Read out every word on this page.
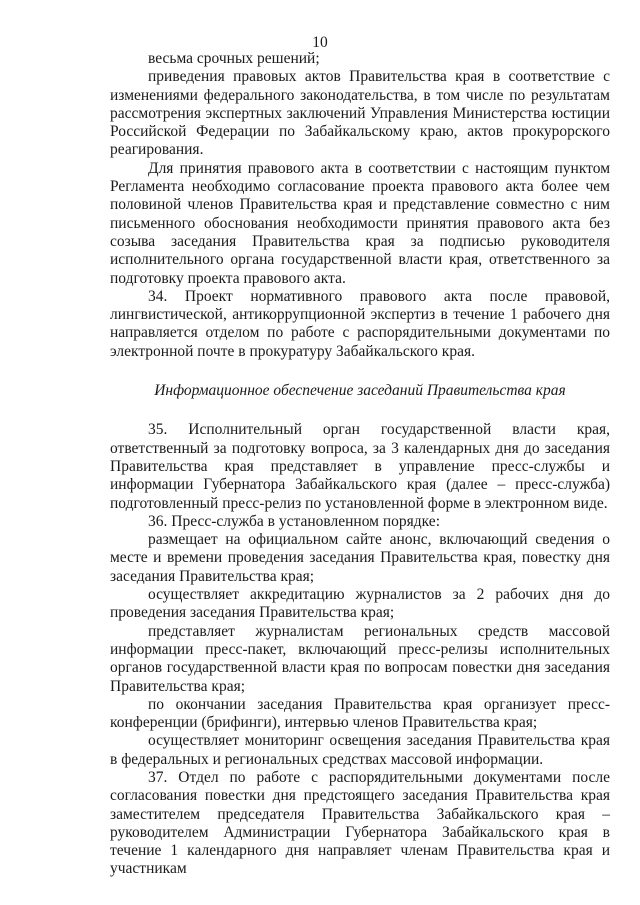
10

весьма срочных решений;

приведения правовых актов Правительства края в соответствие с изменениями федерального законодательства, в том числе по результатам рассмотрения экспертных заключений Управления Министерства юстиции Российской Федерации по Забайкальскому краю, актов прокурорского реагирования.

Для принятия правового акта в соответствии с настоящим пунктом Регламента необходимо согласование проекта правового акта более чем половиной членов Правительства края и представление совместно с ним письменного обоснования необходимости принятия правового акта без созыва заседания Правительства края за подписью руководителя исполнительного органа государственной власти края, ответственного за подготовку проекта правового акта.

34. Проект нормативного правового акта после правовой, лингвистической, антикоррупционной экспертиз в течение 1 рабочего дня направляется отделом по работе с распорядительными документами по электронной почте в прокуратуру Забайкальского края.

Информационное обеспечение заседаний Правительства края

35. Исполнительный орган государственной власти края, ответственный за подготовку вопроса, за 3 календарных дня до заседания Правительства края представляет в управление пресс-службы и информации Губернатора Забайкальского края (далее – пресс-служба) подготовленный пресс-релиз по установленной форме в электронном виде.

36. Пресс-служба в установленном порядке:

размещает на официальном сайте анонс, включающий сведения о месте и времени проведения заседания Правительства края, повестку дня заседания Правительства края;

осуществляет аккредитацию журналистов за 2 рабочих дня до проведения заседания Правительства края;

представляет журналистам региональных средств массовой информации пресс-пакет, включающий пресс-релизы исполнительных органов государственной власти края по вопросам повестки дня заседания Правительства края;

по окончании заседания Правительства края организует пресс-конференции (брифинги), интервью членов Правительства края;

осуществляет мониторинг освещения заседания Правительства края в федеральных и региональных средствах массовой информации.

37. Отдел по работе с распорядительными документами после согласования повестки дня предстоящего заседания Правительства края заместителем председателя Правительства Забайкальского края – руководителем Администрации Губернатора Забайкальского края в течение 1 календарного дня направляет членам Правительства края и участникам
